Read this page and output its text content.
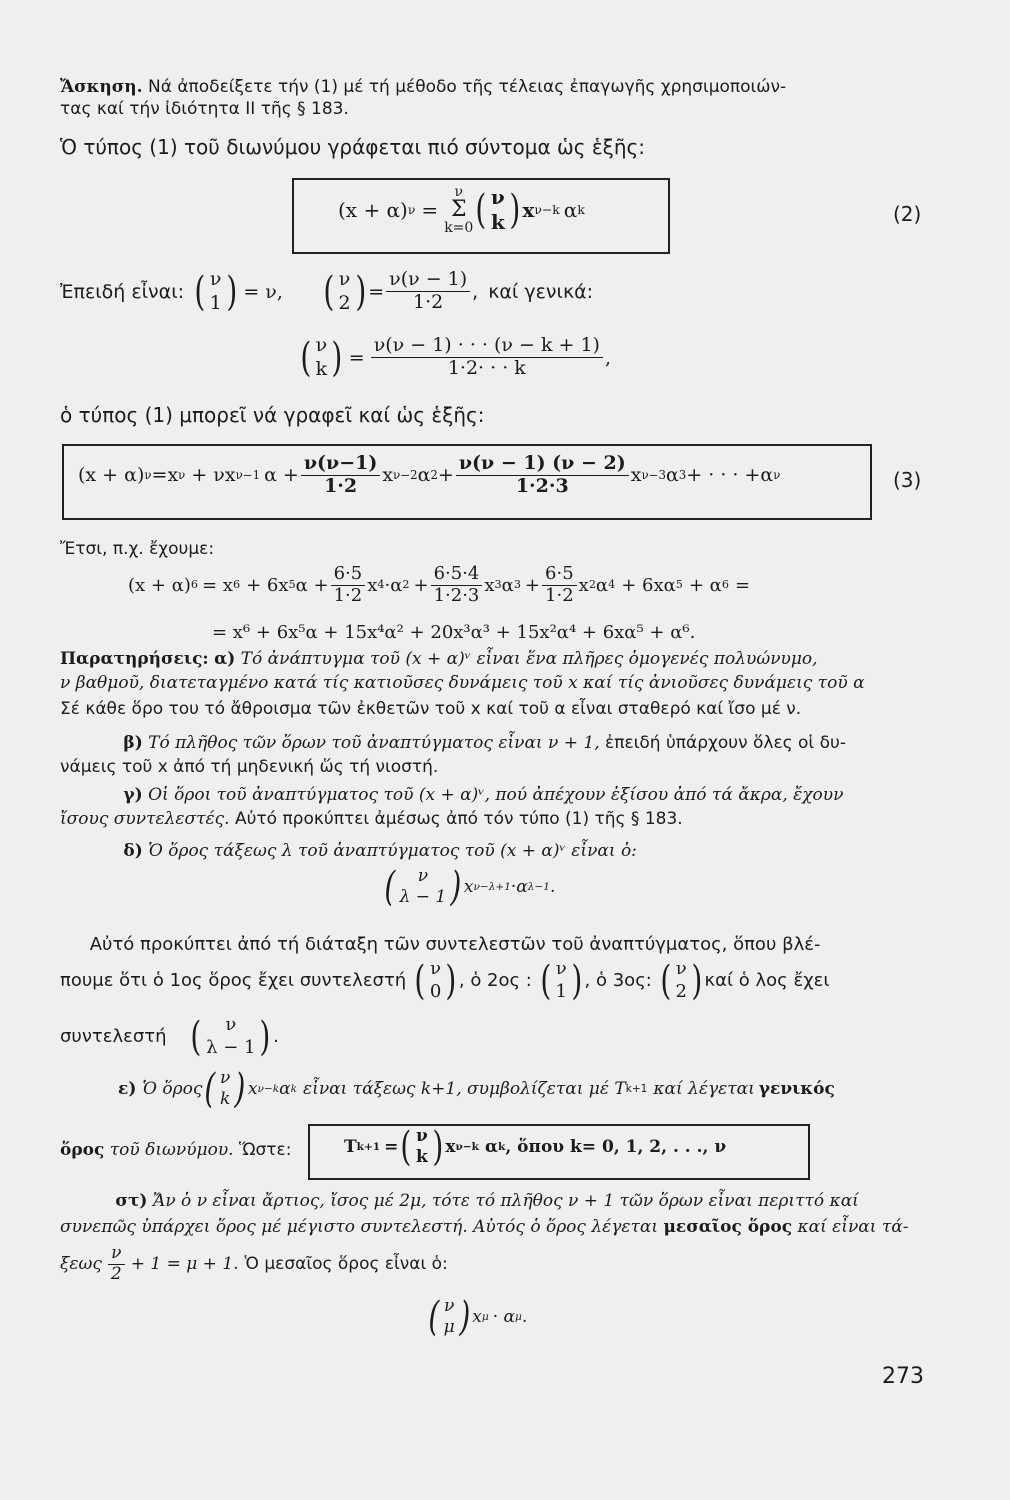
Ἄσκηση. Νά ἀποδείξετε τήν (1) μέ τή μέθοδο τῆς τέλειας ἐπαγωγῆς χρησιμοποιών-
τας καί τήν ἰδιότητα II τῆς § 183.
Ὁ τύπος (1) τοῦ διωνύμου γράφεται πιό σύντομα ὡς ἑξῆς:
(x + α) ν =
ν
Σ
k=0 ( ν
k ) x ν−k α k	(2)
Ἐπειδή εἶναι: ( ν
1 ) = ν, ( ν
2 ) = $\frac{\nu(\nu - 1)}{1\cdot 2}$ , καί γενικά:
( ν
k ) = $\frac{\nu(\nu - 1) \cdot \cdot \cdot (\nu - k + 1)}{1\cdot 2\cdot \cdot \cdot k}$ ,
ὁ τύπος (1) μπορεῖ νά γραφεῖ καί ὡς ἑξῆς:
(x + α) ν =x ν + νx ν−1 $\alpha + \frac{\nu(\nu-1)}{1\cdot 2}$ x ν−2 α $2 + \frac{\nu(\nu - 1) (\nu - 2)}{1\cdot 2\cdot 3}$ x ν−3 α 3 + · · · +α ν	(3)
Ἔτσι, π.χ. ἔχουμε:
(x + α) 6 = x 6 + 6x 5 $\alpha + \frac{6\cdot 5}{1\cdot 2}$ x 4 ·α $2 + \frac{6\cdot 5\cdot 4}{1\cdot 2\cdot 3}$ x 3 α $3 + \frac{6\cdot 5}{1\cdot 2}$ x 2 α 4 + 6xα 5 + α 6 =
= x⁶ + 6x⁵α + 15x⁴α² + 20x³α³ + 15x²α⁴ + 6xα⁵ + α⁶.
Παρατηρήσεις: α) Τό ἀνάπτυγμα τοῦ (x + α)ᵛ εἶναι ἕνα πλῆρες ὁμογενές πολυώνυμο,
ν βαθμοῦ, διατεταγμένο κατά τίς κατιοῦσες δυνάμεις τοῦ x καί τίς ἀνιοῦσες δυνάμεις τοῦ α
Σέ κάθε ὅρο του τό ἄθροισμα τῶν ἐκθετῶν τοῦ x καί τοῦ α εἶναι σταθερό καί ἴσο μέ ν.
β) Τό πλῆθος τῶν ὅρων τοῦ ἀναπτύγματος εἶναι ν + 1, ἐπειδή ὑπάρχουν ὅλες οἱ δυ-
νάμεις τοῦ x ἀπό τή μηδενική ὥς τή νιοστή.
γ) Οἱ ὅροι τοῦ ἀναπτύγματος τοῦ (x + α)ᵛ, πού ἀπέχουν ἐξίσου ἀπό τά ἄκρα, ἔχουν
ἴσους συντελεστές. Αὐτό προκύπτει ἀμέσως ἀπό τόν τύπο (1) τῆς § 183.
δ) Ὁ ὅρος τάξεως λ τοῦ ἀναπτύγματος τοῦ (x + α)ᵛ εἶναι ὁ:
(	ν
λ − 1 ) x ν−λ+1 ·α λ−1 .
Αὐτό προκύπτει ἀπό τή διάταξη τῶν συντελεστῶν τοῦ ἀναπτύγματος, ὅπου βλέ-
πουμε ὅτι ὁ 1ος ὅρος ἔχει συντελεστή ( ν
0 ) , ὁ 2ος : ( ν
1 ) , ὁ 3ος: ( ν
2 ) καί ὁ λος ἔχει
συντελεστή (	ν
λ − 1 ) .
ε) Ὁ ὅρος ( ν
k ) x ν−k α k εἶναι τάξεως k+1, συμβολίζεται μέ T k+1 καί λέγεται γενικός
ὅρος τοῦ διωνύμου. Ὥστε:	T k+1 = ( ν
k ) x ν−k α k , ὅπου k= 0, 1, 2, . . ., ν
στ) Ἄν ὁ ν εἶναι ἄρτιος, ἴσος μέ 2μ, τότε τό πλῆθος ν + 1 τῶν ὅρων εἶναι περιττό καί
συνεπῶς ὑπάρχει ὅρος μέ μέγιστο συντελεστή. Αὐτός ὁ ὅρος λέγεται μεσαῖος ὅρος καί εἶναι τά-
ξεως $\frac{\nu}{2} + 1 = \mu + 1$. Ὁ μεσαῖος ὅρος εἶναι ὁ:
( ν
μ ) x μ · α μ .
273
